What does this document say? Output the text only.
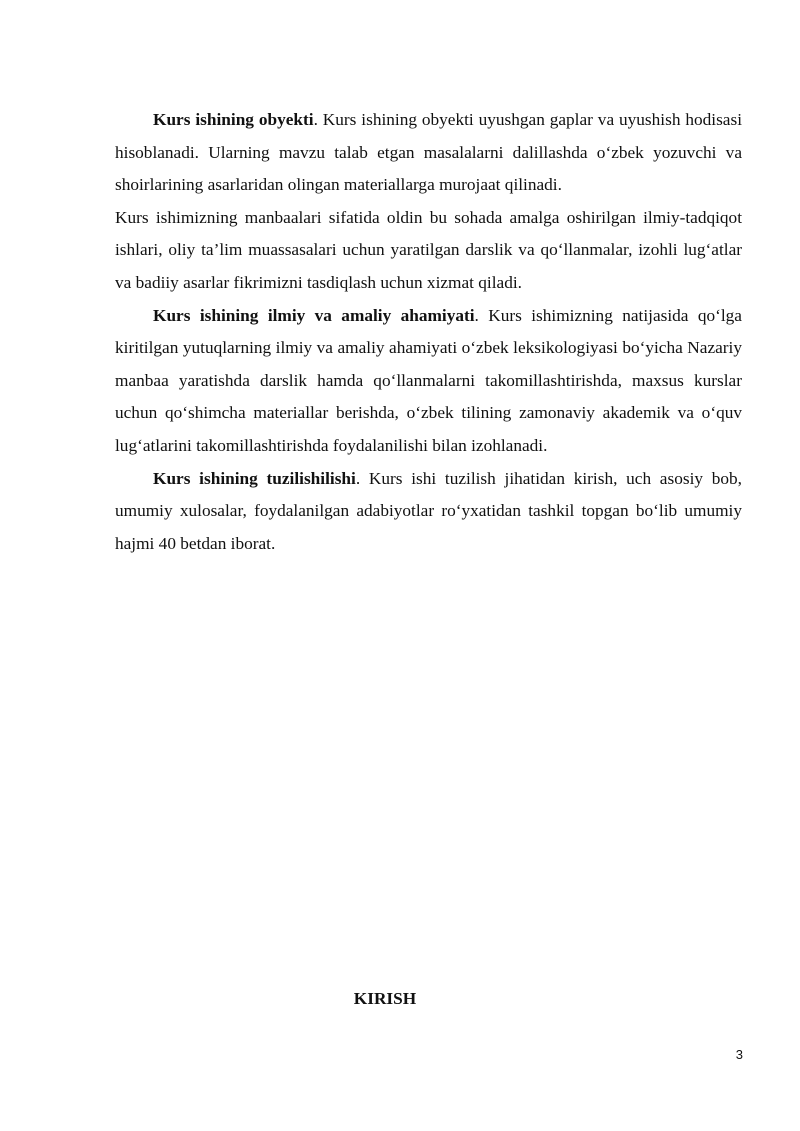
Kurs ishining obyekti. Kurs ishining obyekti uyushgan gaplar va uyushish hodisasi hisoblanadi. Ularning mavzu talab etgan masalalarni dalillashda oʻzbek yozuvchi va shoirlarining asarlaridan olingan materiallarga murojaat qilinadi.

Kurs ishimizning manbaalari sifatida oldin bu sohada amalga oshirilgan ilmiy-tadqiqot ishlari, oliy ta’lim muassasalari uchun yaratilgan darslik va qoʻllanmalar, izohli lugʻatlar va badiiy asarlar fikrimizni tasdiqlash uchun xizmat qiladi.

Kurs ishining ilmiy va amaliy ahamiyati. Kurs ishimizning natijasida qoʻlga kiritilgan yutuqlarning ilmiy va amaliy ahamiyati oʻzbek leksikologiyasi boʻyicha Nazariy manbaa yaratishda darslik hamda qoʻllanmalarni takomillashtirishda, maxsus kurslar uchun qoʻshimcha materiallar berishda, oʻzbek tilining zamonaviy akademik va oʻquv lugʻatlarini takomillashtirishda foydalanilishi bilan izohlanadi.

Kurs ishining tuzilishilishi. Kurs ishi tuzilish jihatidan kirish, uch asosiy bob, umumiy xulosalar, foydalanilgan adabiyotlar roʻyxatidan tashkil topgan boʻlib umumiy hajmi 40 betdan iborat.

KIRISH
3
